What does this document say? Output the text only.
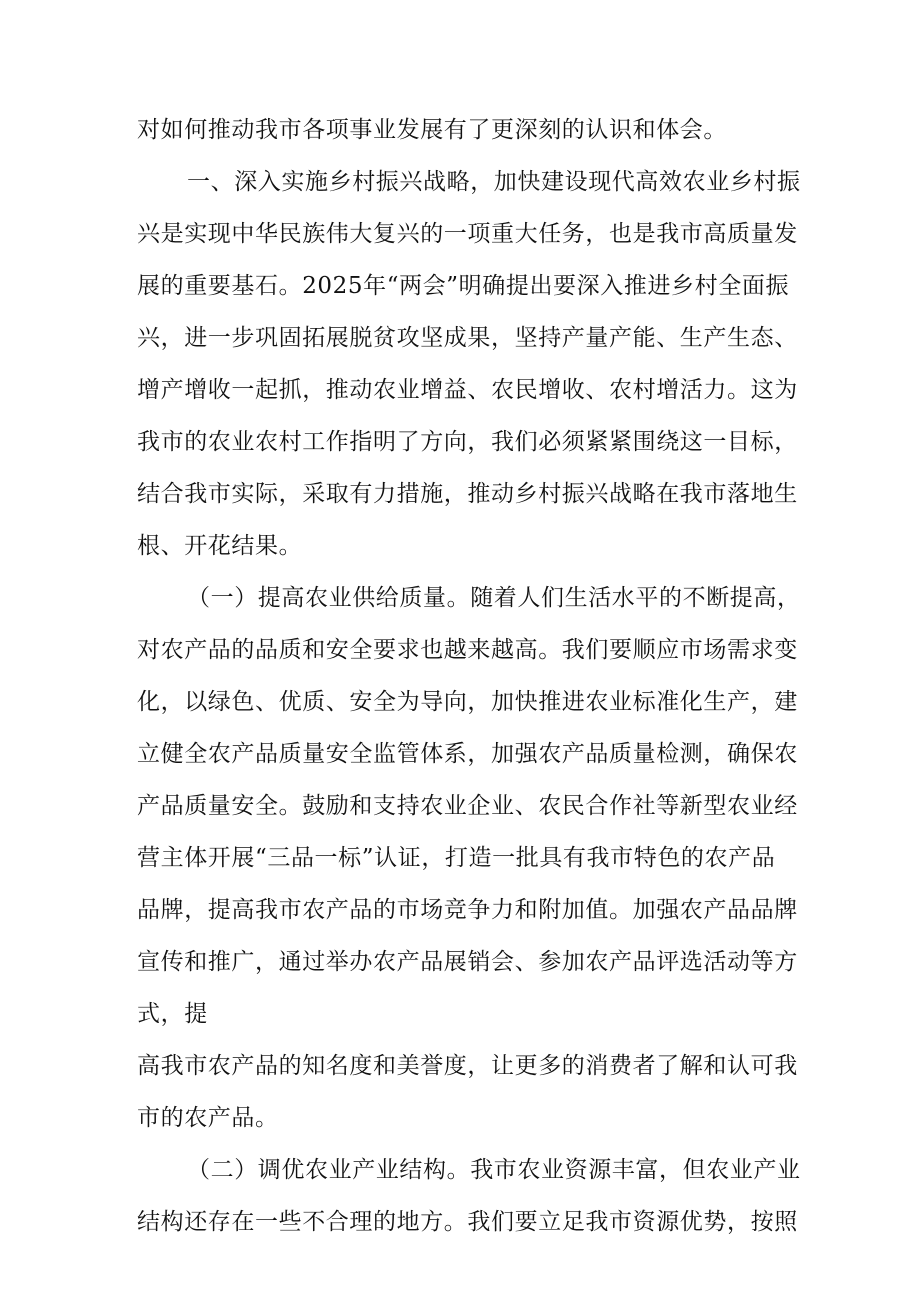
对如何推动我市各项事业发展有了更深刻的认识和体会。
一、深入实施乡村振兴战略，加快建设现代高效农业乡村振
兴是实现中华民族伟大复兴的一项重大任务，也是我市高质量发
展的重要基石。2025年“两会”明确提出要深入推进乡村全面振
兴，进一步巩固拓展脱贫攻坚成果，坚持产量产能、生产生态、
增产增收一起抓，推动农业增益、农民增收、农村增活力。这为
我市的农业农村工作指明了方向，我们必须紧紧围绕这一目标，
结合我市实际，采取有力措施，推动乡村振兴战略在我市落地生
根、开花结果。
（一）提高农业供给质量。随着人们生活水平的不断提高，
对农产品的品质和安全要求也越来越高。我们要顺应市场需求变
化，以绿色、优质、安全为导向，加快推进农业标准化生产，建
立健全农产品质量安全监管体系，加强农产品质量检测，确保农
产品质量安全。鼓励和支持农业企业、农民合作社等新型农业经
营主体开展“三品一标”认证，打造一批具有我市特色的农产品
品牌，提高我市农产品的市场竞争力和附加值。加强农产品品牌
宣传和推广，通过举办农产品展销会、参加农产品评选活动等方
式，提
高我市农产品的知名度和美誉度，让更多的消费者了解和认可我
市的农产品。
（二）调优农业产业结构。我市农业资源丰富，但农业产业
结构还存在一些不合理的地方。我们要立足我市资源优势，按照
